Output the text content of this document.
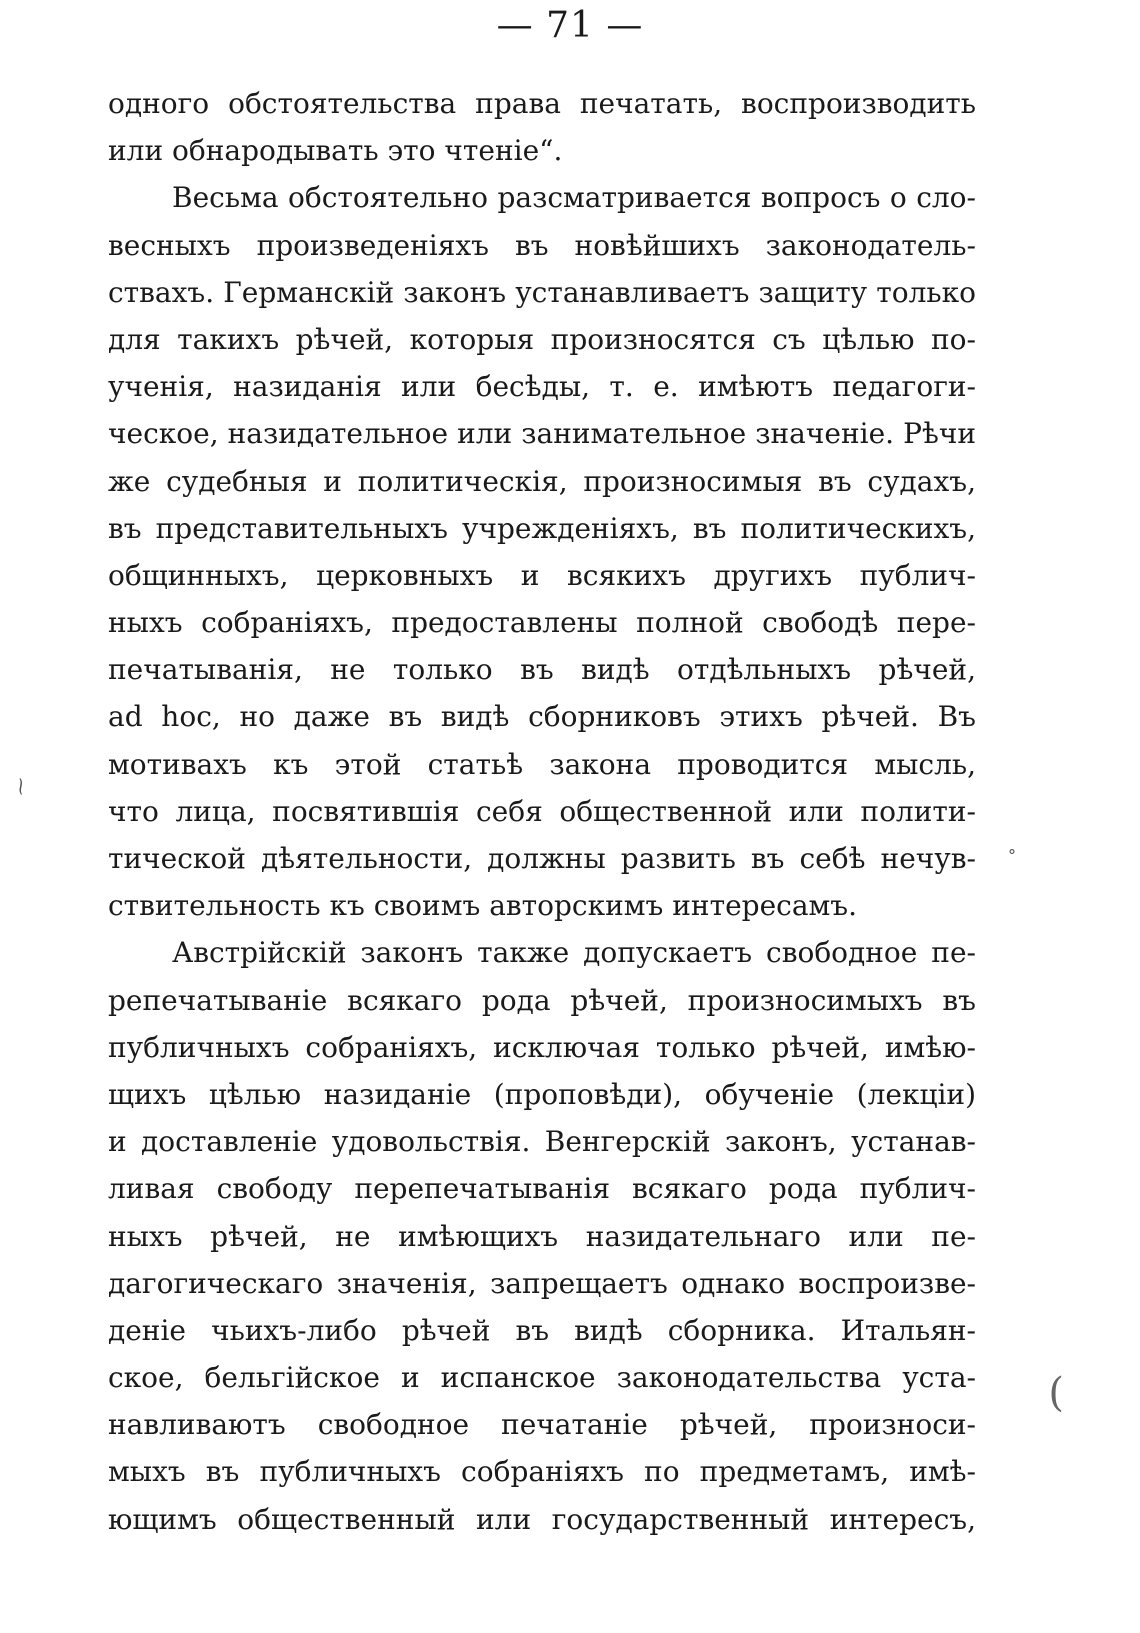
— 71 —
одного обстоятельства права печатать, воспроизводить
или обнародывать это чтеніе“.
Весьма обстоятельно разсматривается вопросъ о сло-
весныхъ произведеніяхъ въ новѣйшихъ законодатель-
ствахъ. Германскій законъ устанавливаетъ защиту только
для такихъ рѣчей, которыя произносятся съ цѣлью по-
ученія, назиданія или бесѣды, т. е. имѣютъ педагоги-
ческое, назидательное или занимательное значеніе. Рѣчи
же судебныя и политическія, произносимыя въ судахъ,
въ представительныхъ учрежденіяхъ, въ политическихъ,
общинныхъ, церковныхъ и всякихъ другихъ публич-
ныхъ собраніяхъ, предоставлены полной свободѣ пере-
печатыванія, не только въ видѣ отдѣльныхъ рѣчей,
ad hoc, но даже въ видѣ сборниковъ этихъ рѣчей. Въ
мотивахъ къ этой статьѣ закона проводится мысль,
что лица, посвятившія себя общественной или полити-
тической дѣятельности, должны развить въ себѣ нечув-
ствительность къ своимъ авторскимъ интересамъ.
Австрійскій законъ также допускаетъ свободное пе-
репечатываніе всякаго рода рѣчей, произносимыхъ въ
публичныхъ собраніяхъ, исключая только рѣчей, имѣю-
щихъ цѣлью назиданіе (проповѣди), обученіе (лекціи)
и доставленіе удовольствія. Венгерскій законъ, устанав-
ливая свободу перепечатыванія всякаго рода публич-
ныхъ рѣчей, не имѣющихъ назидательнаго или пе-
дагогическаго значенія, запрещаетъ однако воспроизве-
деніе чьихъ-либо рѣчей въ видѣ сборника. Итальян-
ское, бельгійское и испанское законодательства уста-
навливаютъ свободное печатаніе рѣчей, произноси-
мыхъ въ публичныхъ собраніяхъ по предметамъ, имѣ-
ющимъ общественный или государственный интересъ,
⁓
°
(
